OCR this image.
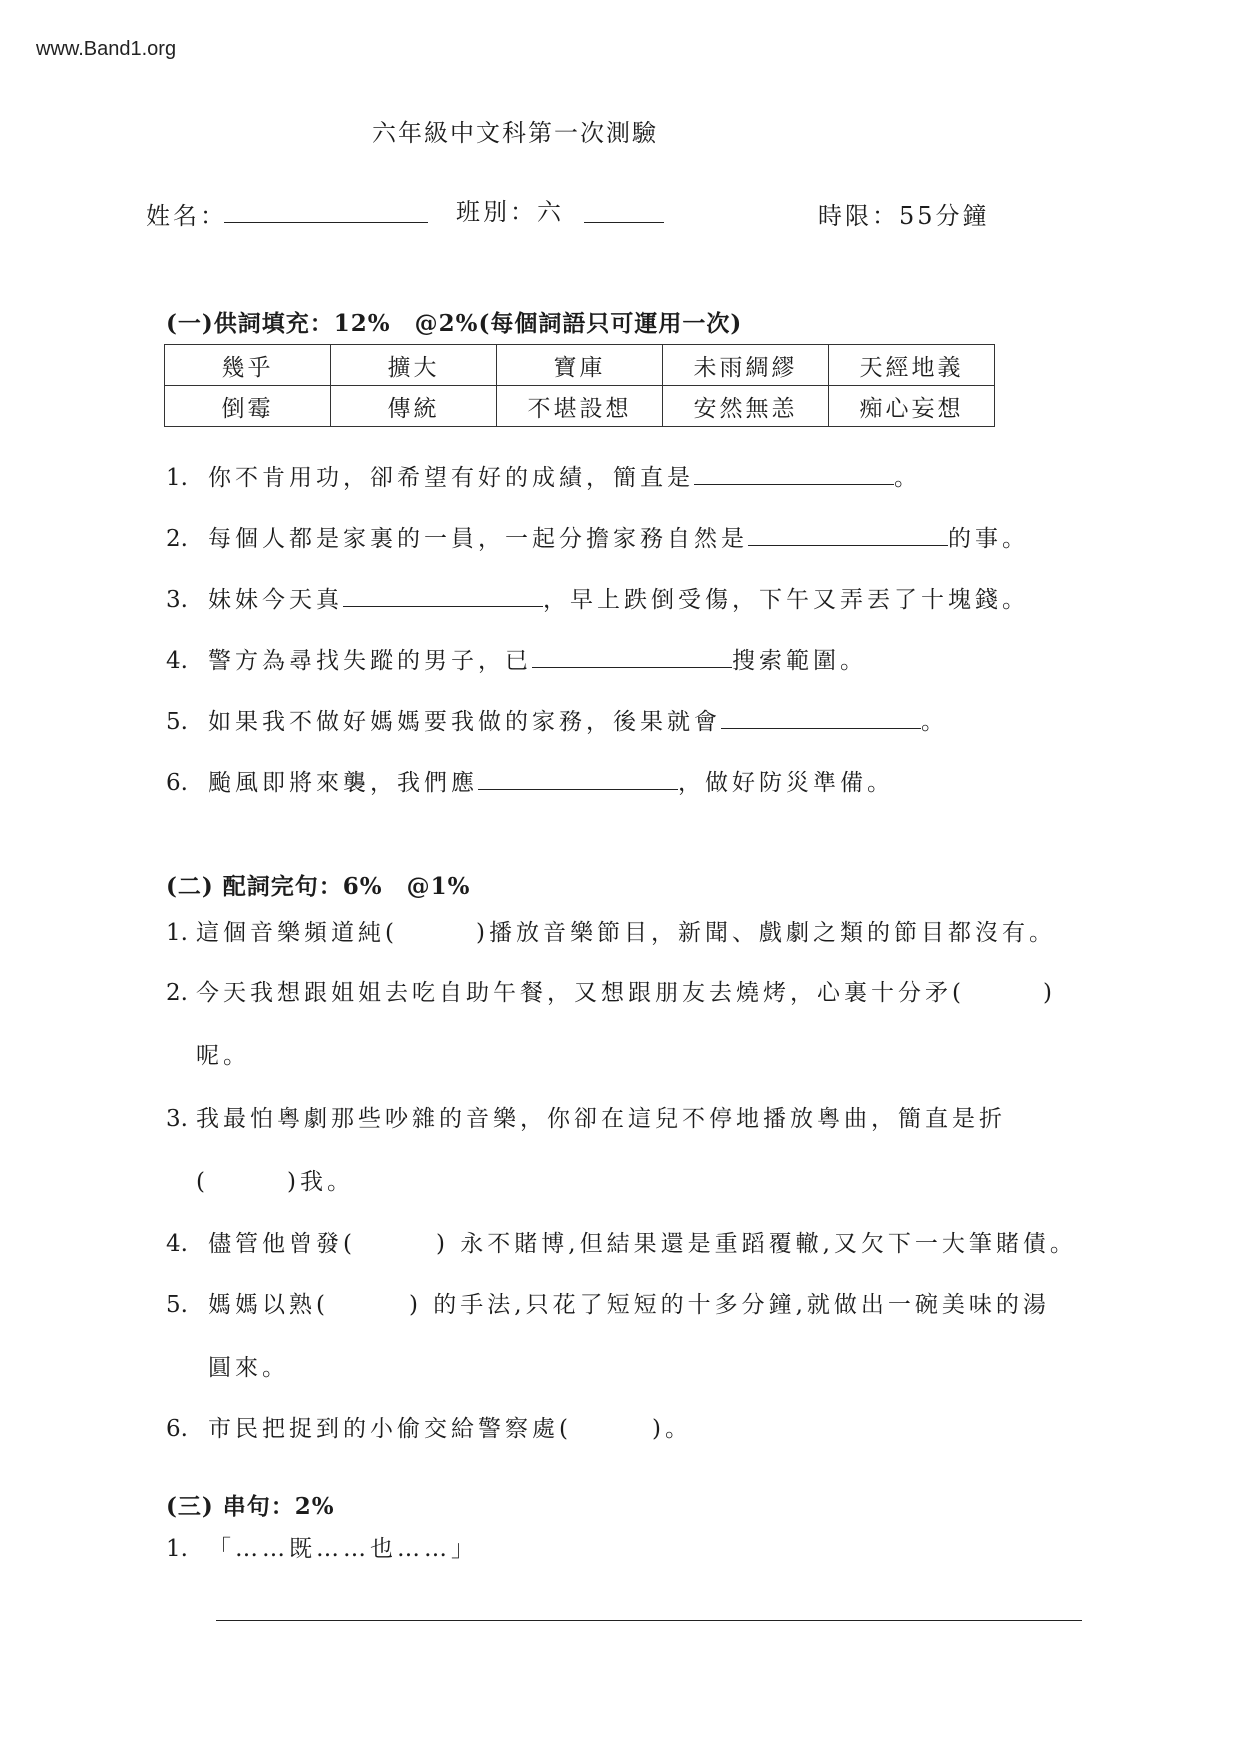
www.Band1.org
六年級中文科第一次測驗
姓名：	班別：六	時限：55分鐘
(一)供詞填充：12%　@2%(每個詞語只可運用一次)
幾乎	擴大	寶庫	未雨綢繆	天經地義
倒霉	傳統	不堪設想	安然無恙	痴心妄想
1. 你不肯用功，卻希望有好的成績，簡直是	。
2. 每個人都是家裏的一員，一起分擔家務自然是	的事。
3. 妹妹今天真	，早上跌倒受傷，下午又弄丟了十塊錢。
4. 警方為尋找失蹤的男子，已	搜索範圍。
5. 如果我不做好媽媽要我做的家務，後果就會	。
6. 颱風即將來襲，我們應	，做好防災準備。
(二) 配詞完句：6%　@1%
1. 這個音樂頻道純(	)播放音樂節目，新聞、戲劇之類的節目都沒有。
2. 今天我想跟姐姐去吃自助午餐，又想跟朋友去燒烤，心裏十分矛(	)
呢。
3. 我最怕粵劇那些吵雜的音樂，你卻在這兒不停地播放粵曲，簡直是折
(	)我。
4. 儘管他曾發(	) 永不賭博,但結果還是重蹈覆轍,又欠下一大筆賭債。
5. 媽媽以熟(	) 的手法,只花了短短的十多分鐘,就做出一碗美味的湯
圓來。
6. 市民把捉到的小偷交給警察處(	)。
(三) 串句：2%
1. 「……既……也……」
